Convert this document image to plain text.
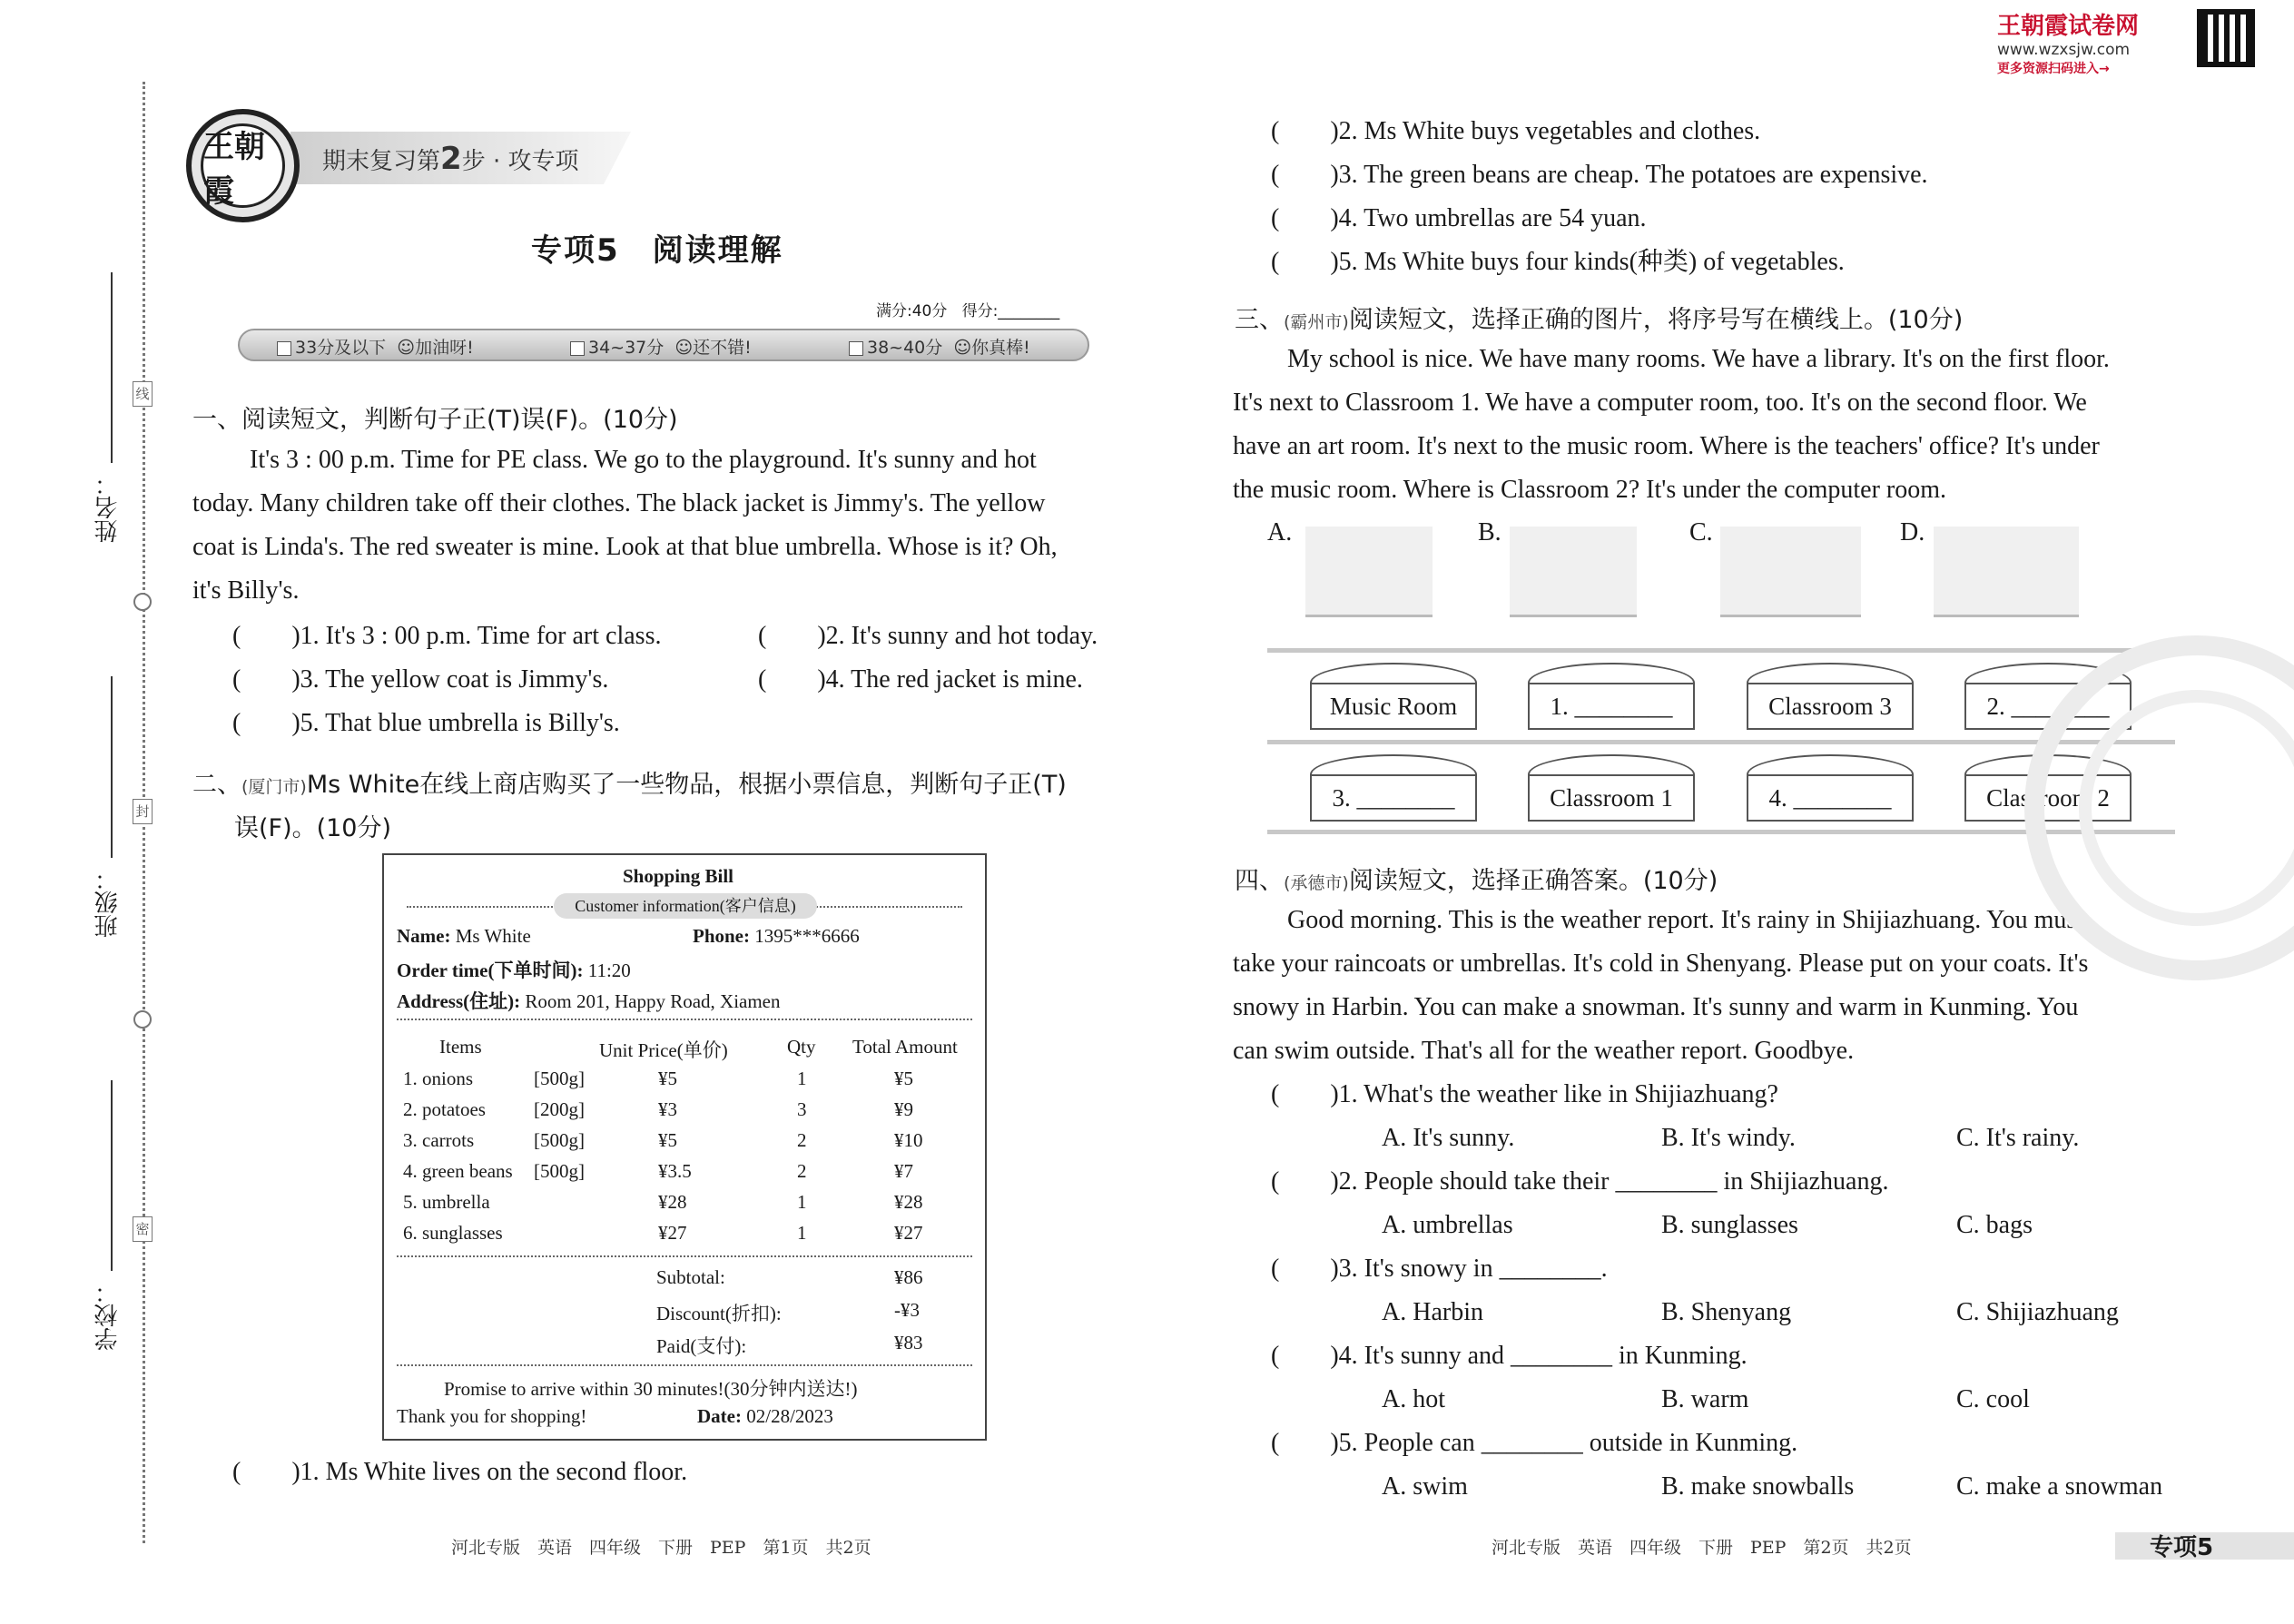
线
封
密
姓名：
班级：
学校：
期末复习第2步 · 攻专项
王朝霞
专项5　阅读理解
满分:40分 得分:________
33分及以下  ☺加油呀!	34~37分  ☺还不错!	38~40分  ☺你真棒!
一、阅读短文，判断句子正(T)误(F)。(10分)
It's 3 : 00 p.m. Time for PE class. We go to the playground. It's sunny and hot
today. Many children take off their clothes. The black jacket is Jimmy's. The yellow
coat is Linda's. The red sweater is mine. Look at that blue umbrella. Whose is it? Oh,
it's Billy's.
(　　)1. It's 3 : 00 p.m. Time for art class.	(　　)2. It's sunny and hot today.
(　　)3. The yellow coat is Jimmy's.	(　　)4. The red jacket is mine.
(　　)5. That blue umbrella is Billy's.
二、(厦门市)Ms White在线上商店购买了一些物品，根据小票信息，判断句子正(T)
误(F)。(10分)
Shopping Bill
Customer information(客户信息)
Name: Ms White	Phone: 1395***6666
Order time(下单时间): 11:20
Address(住址): Room 201, Happy Road, Xiamen
Items	Unit Price(单价)	Qty Total Amount
1. onions	[500g]	¥5	1	¥5
2. potatoes	[200g]	¥3	3	¥9
3. carrots	[500g]	¥5	2	¥10
4. green beans [500g]	¥3.5	2	¥7
5. umbrella	¥28	1	¥28
6. sunglasses	¥27	1	¥27
Subtotal:	¥86
Discount(折扣):	-¥3
Paid(支付):	¥83
Promise to arrive within 30 minutes!(30分钟内送达!)
Thank you for shopping!	Date: 02/28/2023
(　　)1. Ms White lives on the second floor.
(　　)2. Ms White buys vegetables and clothes.
(　　)3. The green beans are cheap. The potatoes are expensive.
(　　)4. Two umbrellas are 54 yuan.
(　　)5. Ms White buys four kinds(种类) of vegetables.
三、(霸州市)阅读短文，选择正确的图片，将序号写在横线上。(10分)
My school is nice. We have many rooms. We have a library. It's on the first floor.
It's next to Classroom 1. We have a computer room, too. It's on the second floor. We
have an art room. It's next to the music room. Where is the teachers' office? It's under
the music room. Where is Classroom 2? It's under the computer room.
A.	B.	C.	D.
Music Room	1. ________	Classroom 3	2. ________
3. ________	Classroom 1	4. ________	Classroom 2
四、(承德市)阅读短文，选择正确答案。(10分)
Good morning. This is the weather report. It's rainy in Shijiazhuang. You must
take your raincoats or umbrellas. It's cold in Shenyang. Please put on your coats. It's
snowy in Harbin. You can make a snowman. It's sunny and warm in Kunming. You
can swim outside. That's all for the weather report. Goodbye.
(　　)1. What's the weather like in Shijiazhuang?
A. It's sunny.	B. It's windy.	C. It's rainy.
(　　)2. People should take their ________ in Shijiazhuang.
A. umbrellas	B. sunglasses	C. bags
(　　)3. It's snowy in ________.
A. Harbin	B. Shenyang	C. Shijiazhuang
(　　)4. It's sunny and ________ in Kunming.
A. hot	B. warm	C. cool
(　　)5. People can ________ outside in Kunming.
A. swim	B. make snowballs	C. make a snowman
王朝霞试卷网
www.wzxsjw.com
更多资源扫码进入→
河北专版　英语　四年级　下册　PEP　第1页　共2页	河北专版　英语　四年级　下册　PEP　第2页　共2页	专项5
